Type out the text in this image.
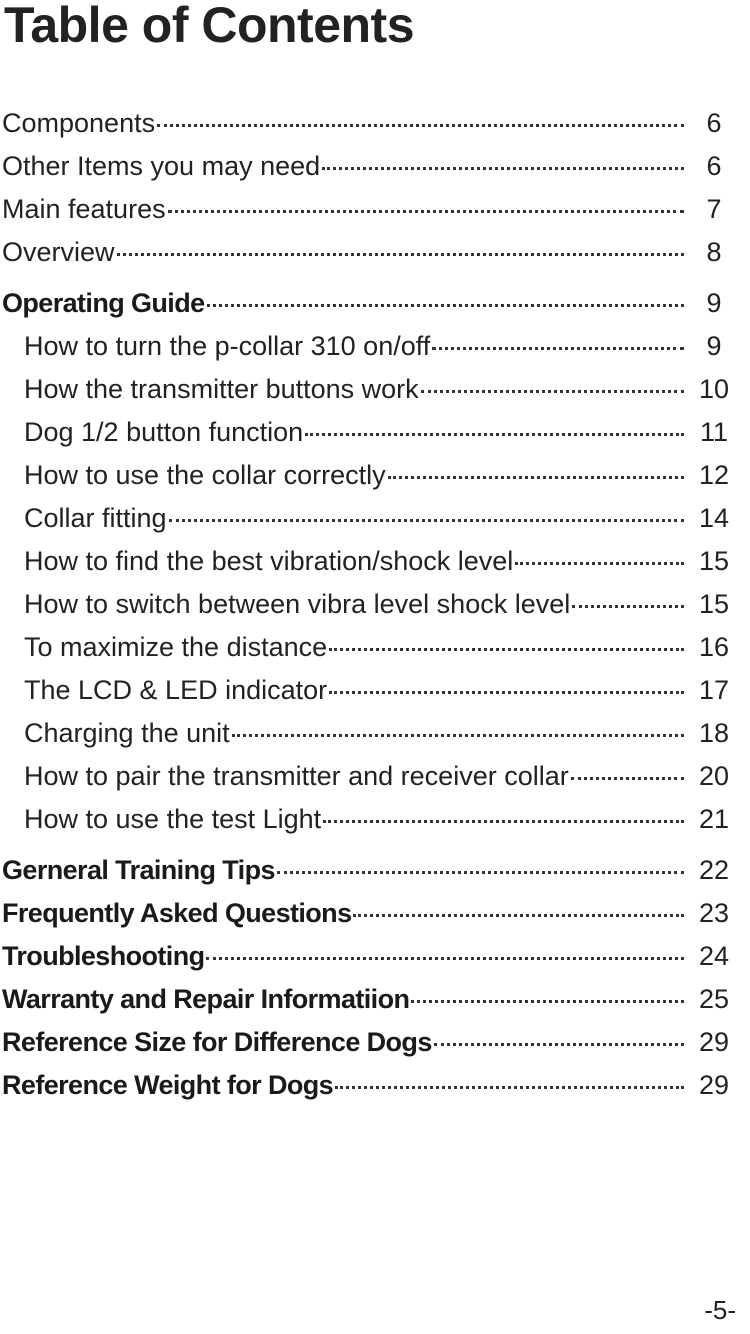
Table of Contents
Components	6
Other Items you may need	6
Main features	7
Overview	8
Operating Guide	9
How to turn the p-collar 310 on/off	9
How the transmitter buttons work	10
Dog 1/2 button function	11
How to use the collar correctly	12
Collar fitting	14
How to find the best vibration/shock level	15
How to switch between vibra level shock level	15
To maximize the distance	16
The LCD & LED indicator	17
Charging the unit	18
How to pair the transmitter and receiver collar	20
How to use the test Light	21
Gerneral Training Tips	22
Frequently Asked Questions	23
Troubleshooting	24
Warranty and Repair Informatiion	25
Reference Size for Difference Dogs	29
Reference Weight for Dogs	29
-5-
